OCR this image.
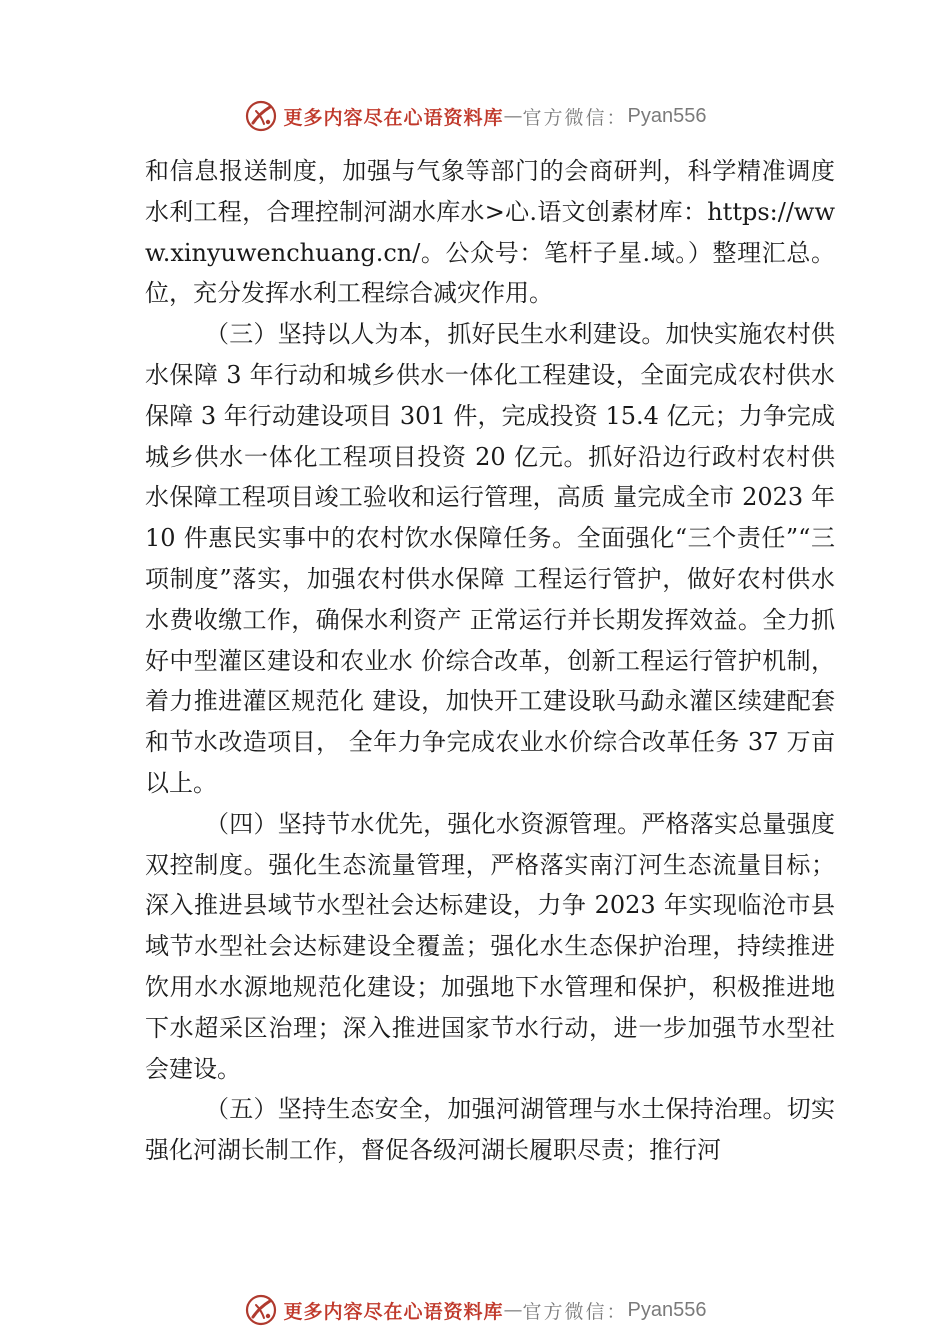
更多内容尽在心语资料库 — 官方微信： Pyan556

和信息报送制度，加强与气象等部门的会商研判，科学精准调度水利工程，合理控制河湖水库水>心.语文创素材库：https://www.xinyuwenchuang.cn/。公众号：笔杆子星.域。）整理汇总。位，充分发挥水利工程综合减灾作用。

（三）坚持以人为本，抓好民生水利建设。加快实施农村供水保障 3 年行动和城乡供水一体化工程建设，全面完成农村供水保障 3 年行动建设项目 301 件，完成投资 15.4 亿元；力争完成城乡供水一体化工程项目投资 20 亿元。抓好沿边行政村农村供水保障工程项目竣工验收和运行管理，高质 量完成全市 2023 年 10 件惠民实事中的农村饮水保障任务。全面强化“三个责任”“三项制度”落实，加强农村供水保障 工程运行管护，做好农村供水水费收缴工作，确保水利资产 正常运行并长期发挥效益。全力抓好中型灌区建设和农业水 价综合改革，创新工程运行管护机制，着力推进灌区规范化 建设，加快开工建设耿马勐永灌区续建配套和节水改造项目， 全年力争完成农业水价综合改革任务 37 万亩以上。

（四）坚持节水优先，强化水资源管理。严格落实总量强度双控制度。强化生态流量管理，严格落实南汀河生态流量目标；深入推进县域节水型社会达标建设，力争 2023 年实现临沧市县域节水型社会达标建设全覆盖；强化水生态保护治理，持续推进饮用水水源地规范化建设；加强地下水管理和保护，积极推进地下水超采区治理；深入推进国家节水行动，进一步加强节水型社会建设。

（五）坚持生态安全，加强河湖管理与水土保持治理。切实强化河湖长制工作，督促各级河湖长履职尽责；推行河

更多内容尽在心语资料库 — 官方微信： Pyan556
